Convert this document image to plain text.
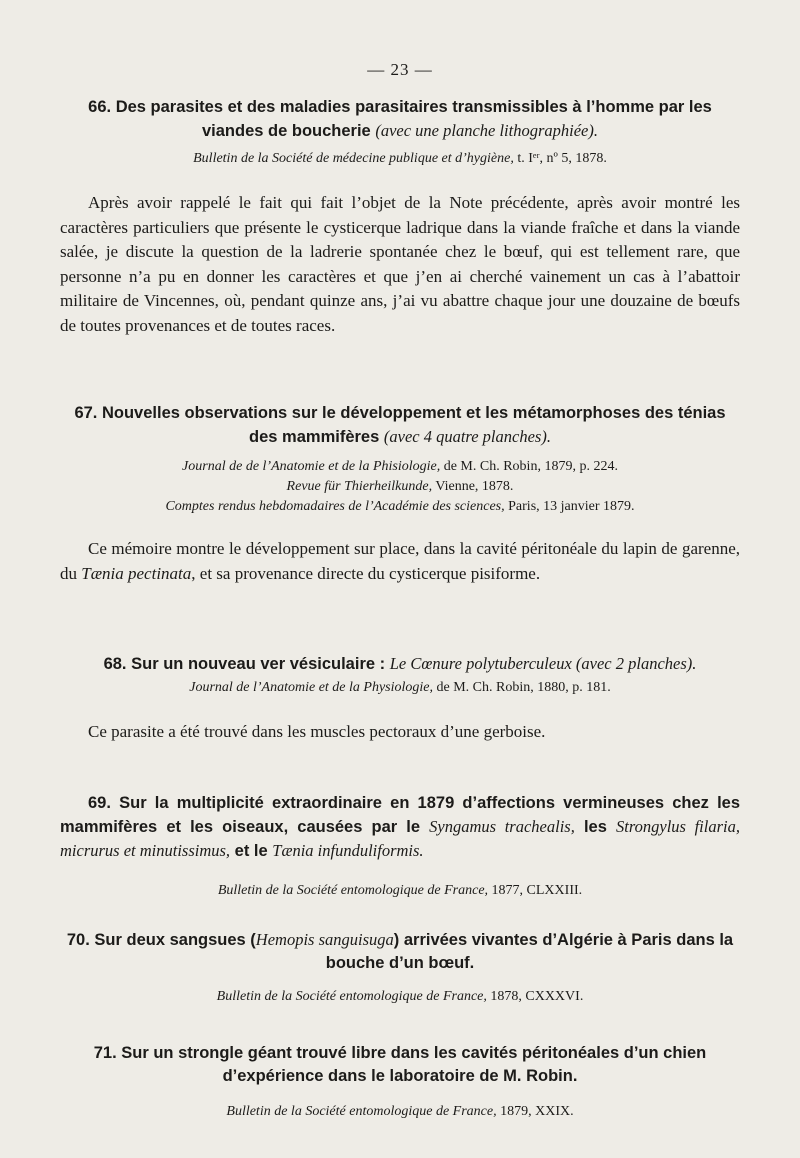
— 23 —

66. Des parasites et des maladies parasitaires transmissibles à l’homme par les viandes de boucherie (avec une planche lithographiée).

Bulletin de la Société de médecine publique et d’hygiène, t. Iᵉʳ, nº 5, 1878.

Après avoir rappelé le fait qui fait l’objet de la Note précédente, après avoir montré les caractères particuliers que présente le cysticerque ladrique dans la viande fraîche et dans la viande salée, je discute la question de la ladrerie spontanée chez le bœuf, qui est tellement rare, que personne n’a pu en donner les caractères et que j’en ai cherché vainement un cas à l’abattoir militaire de Vincennes, où, pendant quinze ans, j’ai vu abattre chaque jour une douzaine de bœufs de toutes provenances et de toutes races.

67. Nouvelles observations sur le développement et les métamorphoses des ténias des mammifères (avec 4 quatre planches).

Journal de de l’Anatomie et de la Phisiologie, de M. Ch. Robin, 1879, p. 224.

Revue für Thierheilkunde, Vienne, 1878.

Comptes rendus hebdomadaires de l’Académie des sciences, Paris, 13 janvier 1879.

Ce mémoire montre le développement sur place, dans la cavité péritonéale du lapin de garenne, du Tænia pectinata, et sa provenance directe du cysticerque pisiforme.

68. Sur un nouveau ver vésiculaire : Le Cœnure polytuberculeux (avec 2 planches).

Journal de l’Anatomie et de la Physiologie, de M. Ch. Robin, 1880, p. 181.

Ce parasite a été trouvé dans les muscles pectoraux d’une gerboise.

69. Sur la multiplicité extraordinaire en 1879 d’affections vermineuses chez les mammifères et les oiseaux, causées par le Syngamus trachealis, les Strongylus filaria, micrurus et minutissimus, et le Tænia infunduliformis.

Bulletin de la Société entomologique de France, 1877, CLXXIII.

70. Sur deux sangsues (Hemopis sanguisuga) arrivées vivantes d’Algérie à Paris dans la bouche d’un bœuf.

Bulletin de la Société entomologique de France, 1878, CXXXVI.

71. Sur un strongle géant trouvé libre dans les cavités péritonéales d’un chien d’expérience dans le laboratoire de M. Robin.

Bulletin de la Société entomologique de France, 1879, XXIX.
